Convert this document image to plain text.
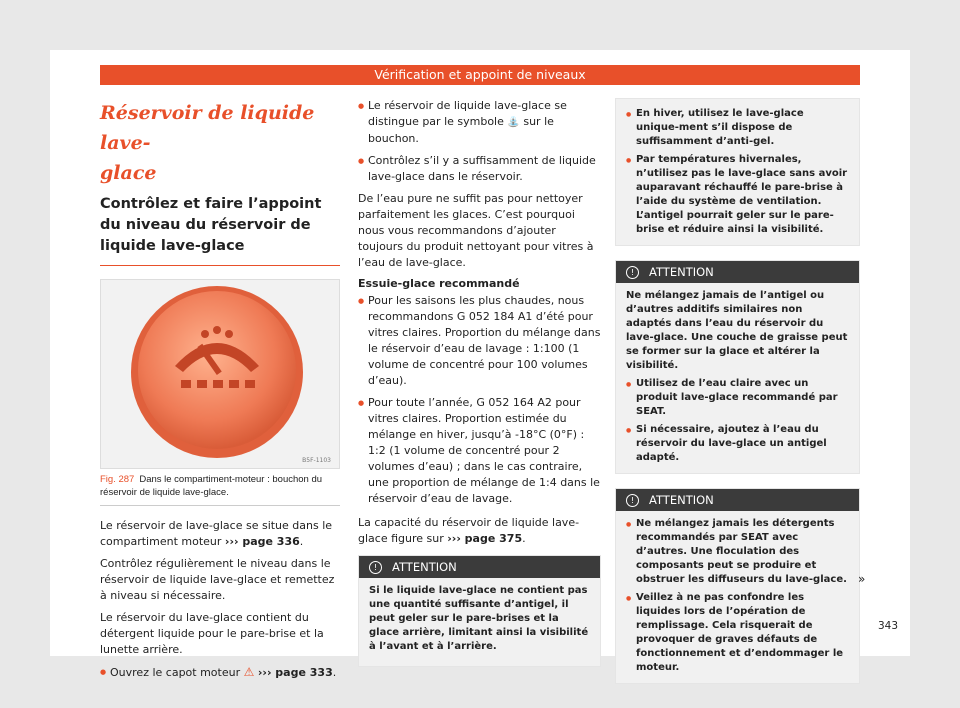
Vérification et appoint de niveaux
Réservoir de liquide lave-
glace
Contrôlez et faire l’appoint du niveau du réservoir de liquide lave-glace
B5F-1103
Fig. 287 Dans le compartiment-moteur : bouchon du réservoir de liquide lave-glace.

Le réservoir de lave-glace se situe dans le compartiment moteur ››› page 336.

Contrôlez régulièrement le niveau dans le réservoir de liquide lave-glace et remettez à niveau si nécessaire.

Le réservoir du lave-glace contient du détergent liquide pour le pare-brise et la lunette arrière.

● Ouvrez le capot moteur ⚠ ››› page 333.
● Le réservoir de liquide lave-glace se distingue par le symbole ⛲ sur le bouchon.
● Contrôlez s’il y a suffisamment de liquide lave-glace dans le réservoir.

De l’eau pure ne suffit pas pour nettoyer parfaitement les glaces. C’est pourquoi nous vous recommandons d’ajouter toujours du produit nettoyant pour vitres à l’eau de lave-glace.

Essuie-glace recommandé
● Pour les saisons les plus chaudes, nous recommandons G 052 184 A1 d’été pour vitres claires. Proportion du mélange dans le réservoir d’eau de lavage : 1:100 (1 volume de concentré pour 100 volumes d’eau).
● Pour toute l’année, G 052 164 A2 pour vitres claires. Proportion estimée du mélange en hiver, jusqu’à -18°C (0°F) : 1:2 (1 volume de concentré pour 2 volumes d’eau) ; dans le cas contraire, une proportion de mélange de 1:4 dans le réservoir d’eau de lavage.

La capacité du réservoir de liquide lave-glace figure sur ››› page 375.

!	ATTENTION

Si le liquide lave-glace ne contient pas une quantité suffisante d’antigel, il peut geler sur le pare-brises et la glace arrière, limitant ainsi la visibilité à l’avant et à l’arrière.

● En hiver, utilisez le lave-glace unique-ment s’il dispose de suffisamment d’anti-gel.
● Par températures hivernales, n’utilisez pas le lave-glace sans avoir auparavant réchauffé le pare-brise à l’aide du système de ventilation. L’antigel pourrait geler sur le pare-brise et réduire ainsi la visibilité.
!	ATTENTION

Ne mélangez jamais de l’antigel ou d’autres additifs similaires non adaptés dans l’eau du réservoir du lave-glace. Une couche de graisse peut se former sur la glace et altérer la visibilité.

● Utilisez de l’eau claire avec un produit lave-glace recommandé par SEAT.
● Si nécessaire, ajoutez à l’eau du réservoir du lave-glace un antigel adapté.
!	ATTENTION
● Ne mélangez jamais les détergents recommandés par SEAT avec d’autres. Une floculation des composants peut se produire et obstruer les diffuseurs du lave-glace.
● Veillez à ne pas confondre les liquides lors de l’opération de remplissage. Cela risquerait de provoquer de graves défauts de fonctionnement et d’endommager le moteur.
»
343
